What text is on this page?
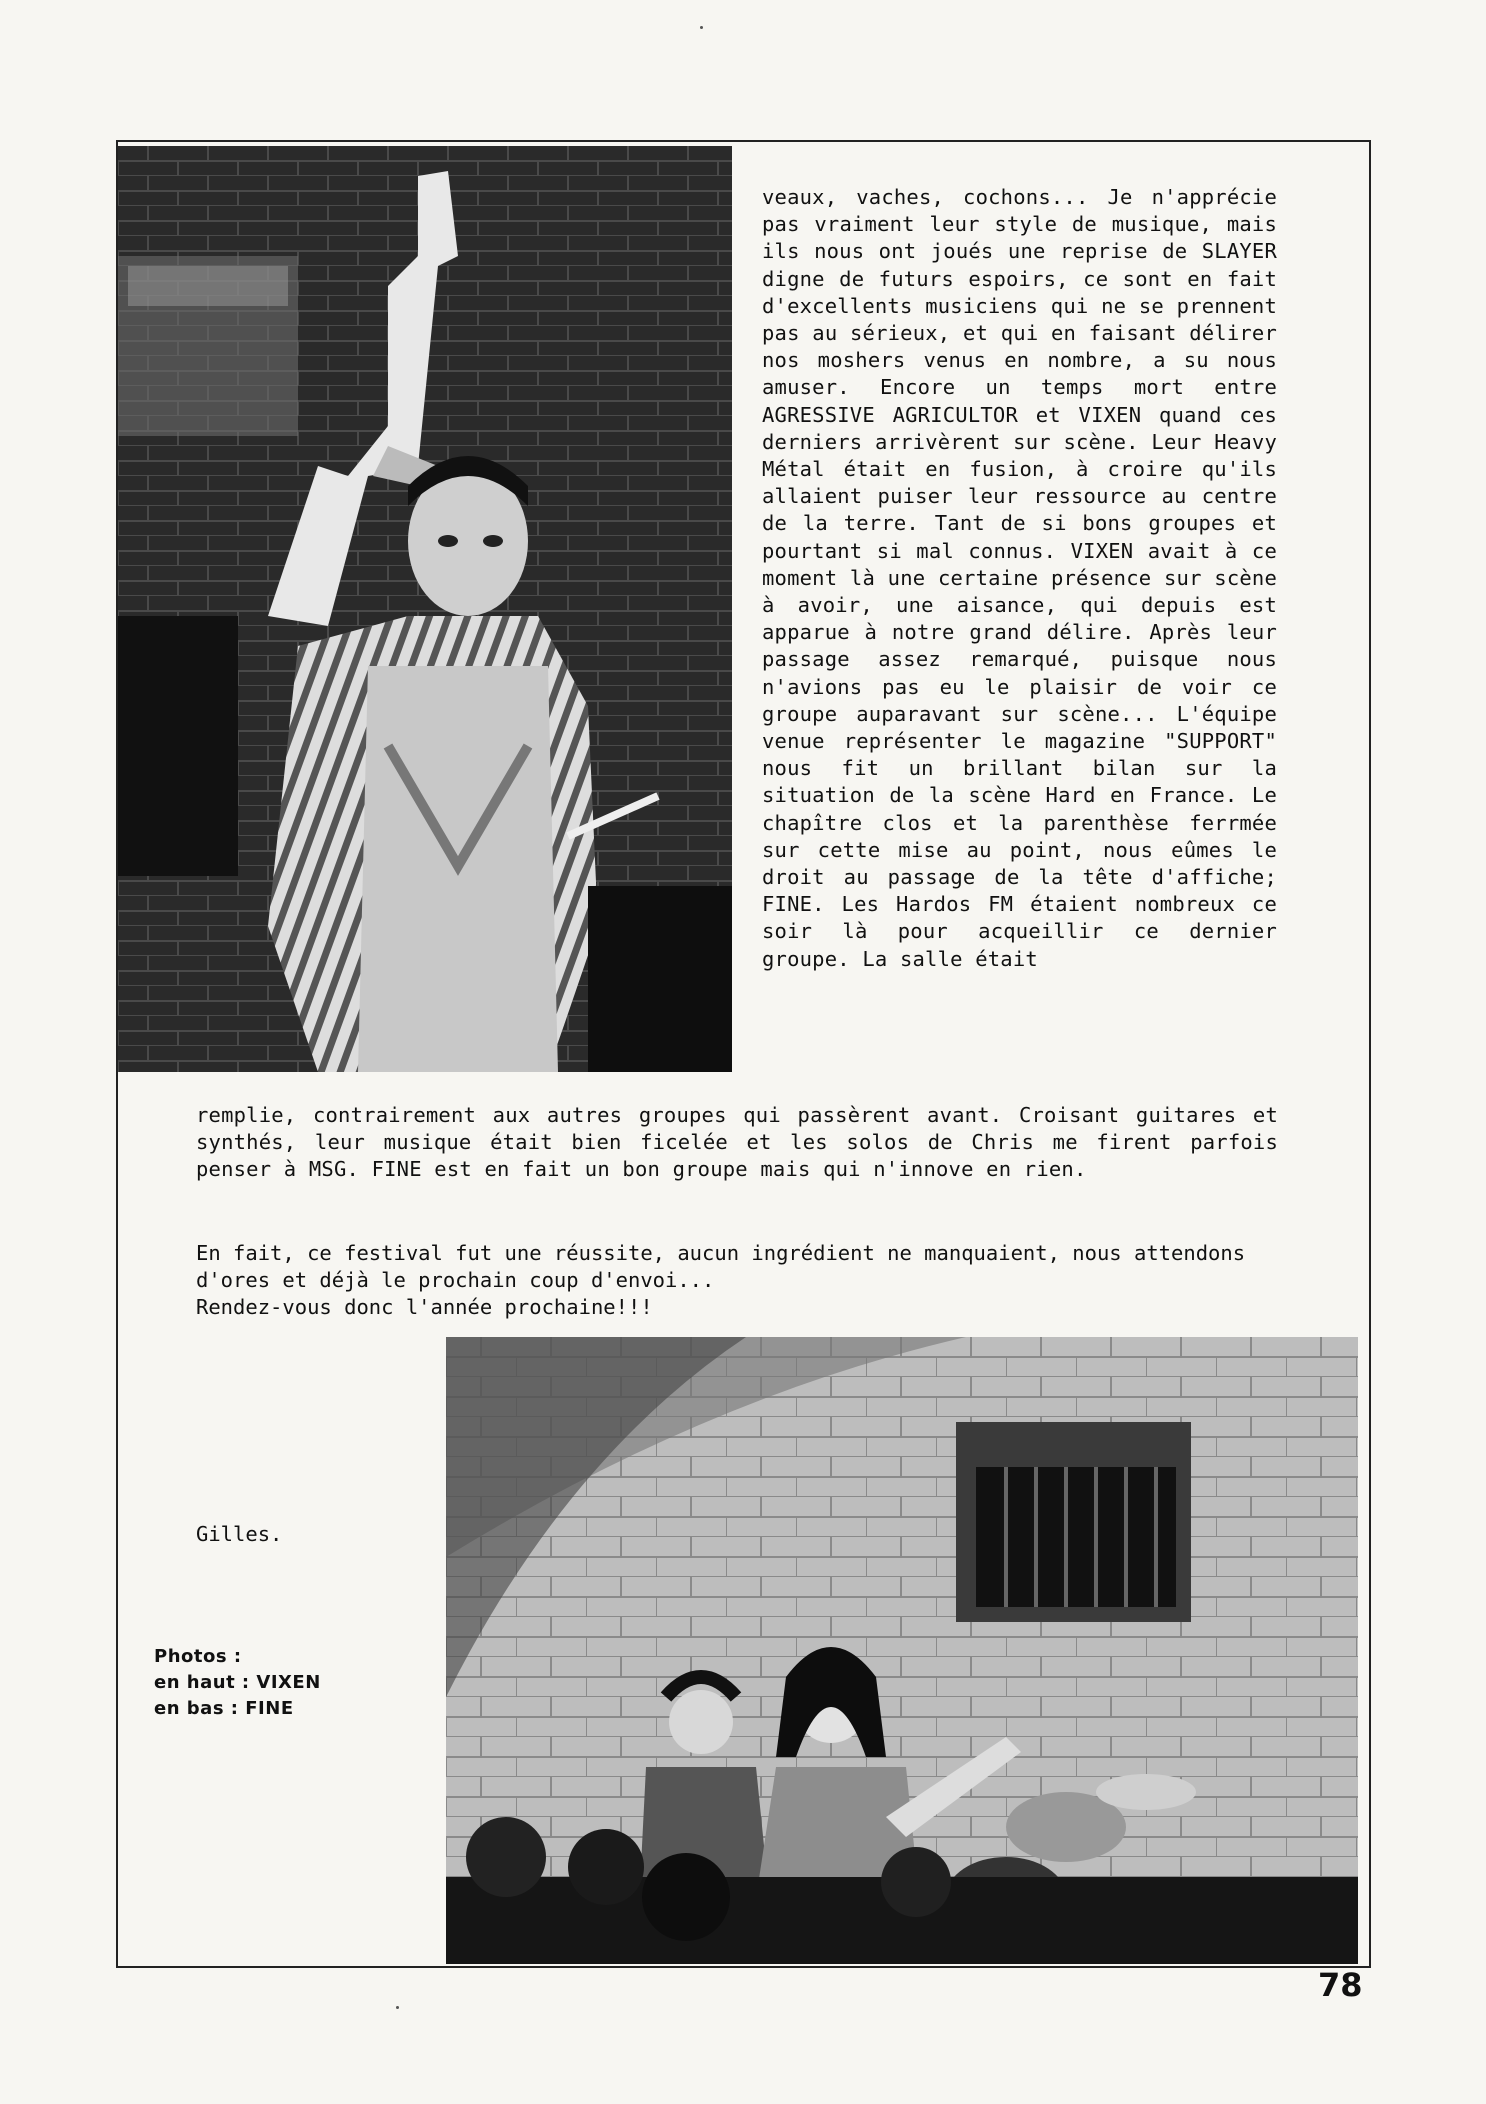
veaux, vaches, cochons... Je n'apprécie pas vraiment leur style de musique, mais ils nous ont joués une reprise de SLAYER digne de futurs espoirs, ce sont en fait d'excellents musiciens qui ne se prennent pas au sérieux, et qui en faisant délirer nos moshers venus en nombre, a su nous amuser. Encore un temps mort entre AGRESSIVE AGRICULTOR et VIXEN quand ces derniers arrivèrent sur scène. Leur Heavy Métal était en fusion, à croire qu'ils allaient puiser leur ressource au centre de la terre. Tant de si bons groupes et pourtant si mal connus. VIXEN avait à ce moment là une certaine présence sur scène à avoir, une aisance, qui depuis est apparue à notre grand délire. Après leur passage assez remarqué, puisque nous n'avions pas eu le plaisir de voir ce groupe auparavant sur scène... L'équipe venue représenter le magazine "SUPPORT" nous fit un brillant bilan sur la situation de la scène Hard en France. Le chapître clos et la parenthèse ferrmée sur cette mise au point, nous eûmes le droit au passage de la tête d'affiche; FINE. Les Hardos FM étaient nombreux ce soir là pour acqueillir ce dernier groupe. La salle était

remplie, contrairement aux autres groupes qui passèrent avant. Croisant guitares et synthés, leur musique était bien ficelée et les solos de Chris me firent parfois penser à MSG. FINE est en fait un bon groupe mais qui n'innove en rien.

En fait, ce festival fut une réussite, aucun ingrédient ne manquaient, nous attendons d'ores et déjà le prochain coup d'envoi...

Rendez-vous donc l'année prochaine!!!

Gilles.

Photos :

en haut : VIXEN

en bas : FINE

78
